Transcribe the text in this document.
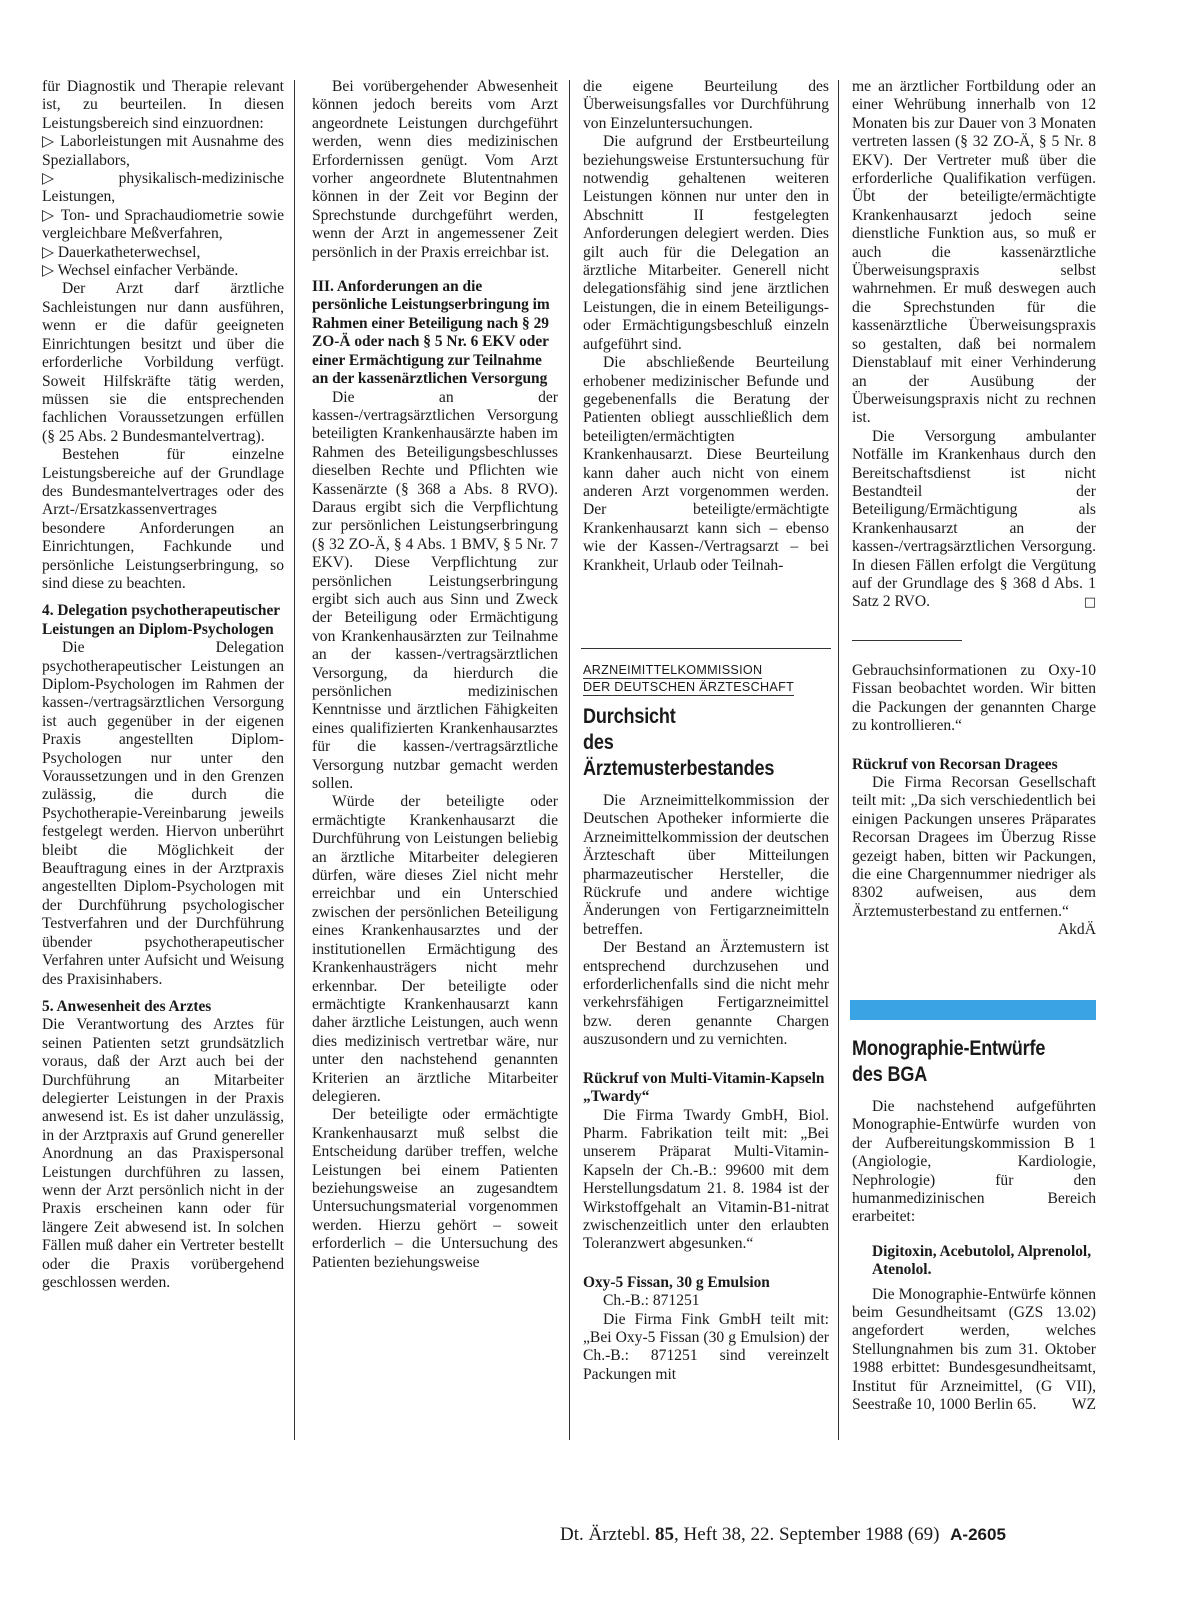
für Diagnostik und Therapie relevant ist, zu beurteilen. In diesen Leistungsbereich sind einzuordnen:

▷ Laborleistungen mit Ausnahme des Speziallabors,

▷ physikalisch-medizinische Leistungen,

▷ Ton- und Sprachaudiometrie sowie vergleichbare Meßverfahren,

▷ Dauerkatheterwechsel,

▷ Wechsel einfacher Verbände.

Der Arzt darf ärztliche Sachleistungen nur dann ausführen, wenn er die dafür geeigneten Einrichtungen besitzt und über die erforderliche Vorbildung verfügt. Soweit Hilfskräfte tätig werden, müssen sie die entsprechenden fachlichen Voraussetzungen erfüllen (§ 25 Abs. 2 Bundesmantelvertrag).

Bestehen für einzelne Leistungsbereiche auf der Grundlage des Bundesmantelvertrages oder des Arzt-/Ersatzkassenvertrages besondere Anforderungen an Einrichtungen, Fachkunde und persönliche Leistungserbringung, so sind diese zu beachten.

4. Delegation psychotherapeutischer Leistungen an Diplom-Psychologen

Die Delegation psychotherapeutischer Leistungen an Diplom-Psychologen im Rahmen der kassen-/vertragsärztlichen Versorgung ist auch gegenüber in der eigenen Praxis angestellten Diplom-Psychologen nur unter den Voraussetzungen und in den Grenzen zulässig, die durch die Psychotherapie-Vereinbarung jeweils festgelegt werden. Hiervon unberührt bleibt die Möglichkeit der Beauftragung eines in der Arztpraxis angestellten Diplom-Psychologen mit der Durchführung psychologischer Testverfahren und der Durchführung übender psychotherapeutischer Verfahren unter Aufsicht und Weisung des Praxisinhabers.

5. Anwesenheit des Arztes

Die Verantwortung des Arztes für seinen Patienten setzt grundsätzlich voraus, daß der Arzt auch bei der Durchführung an Mitarbeiter delegierter Leistungen in der Praxis anwesend ist. Es ist daher unzulässig, in der Arztpraxis auf Grund genereller Anordnung an das Praxispersonal Leistungen durchführen zu lassen, wenn der Arzt persönlich nicht in der Praxis erscheinen kann oder für längere Zeit abwesend ist. In solchen Fällen muß daher ein Vertreter bestellt oder die Praxis vorübergehend geschlossen werden.

Bei vorübergehender Abwesenheit können jedoch bereits vom Arzt angeordnete Leistungen durchgeführt werden, wenn dies medizinischen Erfordernissen genügt. Vom Arzt vorher angeordnete Blutentnahmen können in der Zeit vor Beginn der Sprechstunde durchgeführt werden, wenn der Arzt in angemessener Zeit persönlich in der Praxis erreichbar ist.

III. Anforderungen an die persönliche Leistungserbringung im Rahmen einer Beteiligung nach § 29 ZO-Ä oder nach § 5 Nr. 6 EKV oder einer Ermächtigung zur Teilnahme an der kassenärztlichen Versorgung

Die an der kassen-/vertragsärztlichen Versorgung beteiligten Krankenhausärzte haben im Rahmen des Beteiligungsbeschlusses dieselben Rechte und Pflichten wie Kassenärzte (§ 368 a Abs. 8 RVO). Daraus ergibt sich die Verpflichtung zur persönlichen Leistungserbringung (§ 32 ZO-Ä, § 4 Abs. 1 BMV, § 5 Nr. 7 EKV). Diese Verpflichtung zur persönlichen Leistungserbringung ergibt sich auch aus Sinn und Zweck der Beteiligung oder Ermächtigung von Krankenhausärzten zur Teilnahme an der kassen-/vertragsärztlichen Versorgung, da hierdurch die persönlichen medizinischen Kenntnisse und ärztlichen Fähigkeiten eines qualifizierten Krankenhausarztes für die kassen-/vertragsärztliche Versorgung nutzbar gemacht werden sollen.

Würde der beteiligte oder ermächtigte Krankenhausarzt die Durchführung von Leistungen beliebig an ärztliche Mitarbeiter delegieren dürfen, wäre dieses Ziel nicht mehr erreichbar und ein Unterschied zwischen der persönlichen Beteiligung eines Krankenhausarztes und der institutionellen Ermächtigung des Krankenhausträgers nicht mehr erkennbar. Der beteiligte oder ermächtigte Krankenhausarzt kann daher ärztliche Leistungen, auch wenn dies medizinisch vertretbar wäre, nur unter den nachstehend genannten Kriterien an ärztliche Mitarbeiter delegieren.

Der beteiligte oder ermächtigte Krankenhausarzt muß selbst die Entscheidung darüber treffen, welche Leistungen bei einem Patienten beziehungsweise an zugesandtem Untersuchungsmaterial vorgenommen werden. Hierzu gehört – soweit erforderlich – die Untersuchung des Patienten beziehungsweise

die eigene Beurteilung des Überweisungsfalles vor Durchführung von Einzeluntersuchungen.

Die aufgrund der Erstbeurteilung beziehungsweise Erstuntersuchung für notwendig gehaltenen weiteren Leistungen können nur unter den in Abschnitt II festgelegten Anforderungen delegiert werden. Dies gilt auch für die Delegation an ärztliche Mitarbeiter. Generell nicht delegationsfähig sind jene ärztlichen Leistungen, die in einem Beteiligungs- oder Ermächtigungsbeschluß einzeln aufgeführt sind.

Die abschließende Beurteilung erhobener medizinischer Befunde und gegebenenfalls die Beratung der Patienten obliegt ausschließlich dem beteiligten/ermächtigten Krankenhausarzt. Diese Beurteilung kann daher auch nicht von einem anderen Arzt vorgenommen werden. Der beteiligte/ermächtigte Krankenhausarzt kann sich – ebenso wie der Kassen-/Vertragsarzt – bei Krankheit, Urlaub oder Teilnah-

me an ärztlicher Fortbildung oder an einer Wehrübung innerhalb von 12 Monaten bis zur Dauer von 3 Monaten vertreten lassen (§ 32 ZO-Ä, § 5 Nr. 8 EKV). Der Vertreter muß über die erforderliche Qualifikation verfügen. Übt der beteiligte/ermächtigte Krankenhausarzt jedoch seine dienstliche Funktion aus, so muß er auch die kassenärztliche Überweisungspraxis selbst wahrnehmen. Er muß deswegen auch die Sprechstunden für die kassenärztliche Überweisungspraxis so gestalten, daß bei normalem Dienstablauf mit einer Verhinderung an der Ausübung der Überweisungspraxis nicht zu rechnen ist.

Die Versorgung ambulanter Notfälle im Krankenhaus durch den Bereitschaftsdienst ist nicht Bestandteil der Beteiligung/Ermächtigung als Krankenhausarzt an der kassen-/vertragsärztlichen Versorgung. In diesen Fällen erfolgt die Vergütung auf der Grundlage des § 368 d Abs. 1 Satz 2 RVO.	□
ARZNEIMITTELKOMMISSION
DER DEUTSCHEN ÄRZTESCHAFT
Durchsicht
des Ärztemusterbestandes

Die Arzneimittelkommission der Deutschen Apotheker informierte die Arzneimittelkommission der deutschen Ärzteschaft über Mitteilungen pharmazeutischer Hersteller, die Rückrufe und andere wichtige Änderungen von Fertigarzneimitteln betreffen.

Der Bestand an Ärztemustern ist entsprechend durchzusehen und erforderlichenfalls sind die nicht mehr verkehrsfähigen Fertigarzneimittel bzw. deren genannte Chargen auszusondern und zu vernichten.

Rückruf von Multi-Vitamin-Kapseln „Twardy“

Die Firma Twardy GmbH, Biol. Pharm. Fabrikation teilt mit: „Bei unserem Präparat Multi-Vitamin-Kapseln der Ch.-B.: 99600 mit dem Herstellungsdatum 21. 8. 1984 ist der Wirkstoffgehalt an Vitamin-B1-nitrat zwischenzeitlich unter den erlaubten Toleranzwert abgesunken.“

Oxy-5 Fissan, 30 g Emulsion

Ch.-B.: 871251

Die Firma Fink GmbH teilt mit: „Bei Oxy-5 Fissan (30 g Emulsion) der Ch.-B.: 871251 sind vereinzelt Packungen mit

Gebrauchsinformationen zu Oxy-10 Fissan beobachtet worden. Wir bitten die Packungen der genannten Charge zu kontrollieren.“

Rückruf von Recorsan Dragees

Die Firma Recorsan Gesellschaft teilt mit: „Da sich verschiedentlich bei einigen Packungen unseres Präparates Recorsan Dragees im Überzug Risse gezeigt haben, bitten wir Packungen, die eine Chargennummer niedriger als 8302 aufweisen, aus dem Ärztemusterbestand zu entfernen.“
AkdÄ

Monographie-Entwürfe
des BGA

Die nachstehend aufgeführten Monographie-Entwürfe wurden von der Aufbereitungskommission B 1 (Angiologie, Kardiologie, Nephrologie) für den humanmedizinischen Bereich erarbeitet:

Digitoxin, Acebutolol, Alprenolol, Atenolol.

Die Monographie-Entwürfe können beim Gesundheitsamt (GZS 13.02) angefordert werden, welches Stellungnahmen bis zum 31. Oktober 1988 erbittet: Bundesgesundheitsamt, Institut für Arzneimittel, (G VII), Seestraße 10, 1000 Berlin 65.	WZ

Dt. Ärztebl. 85, Heft 38, 22. September 1988 (69) A-2605
